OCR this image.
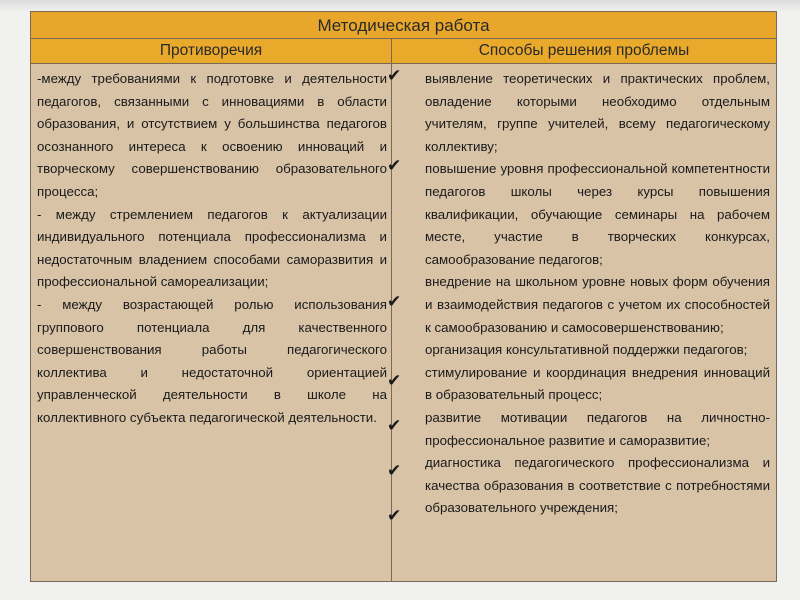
Методическая работа
Противоречия	Способы решения проблемы

-между требованиями к подготовке и деятельности педагогов, связанными с инновациями в области образования, и отсутствием у большинства педагогов осознанного интереса к освоению инноваций и творческому совершенствованию образовательного процесса;

- между стремлением педагогов к актуализации индивидуального потенциала профессионализма и недостаточным владением способами саморазвития и профессиональной самореализации;

- между возрастающей ролью использования группового потенциала для качественного совершенствования работы педагогического коллектива и недостаточной ориентацией управленческой деятельности в школе на коллективного субъекта педагогической деятельности.

✔
✔
✔
✔
✔
✔
✔

выявление теоретических и практических проблем, овладение которыми необходимо отдельным учителям, группе учителей, всему педагогическому коллективу;

повышение уровня профессиональной компетентности педагогов школы через курсы повышения квалификации, обучающие семинары на рабочем месте, участие в творческих конкурсах, самообразование педагогов;

внедрение на школьном уровне новых форм обучения и взаимодействия педагогов с учетом их способностей к самообразованию и самосовершенствованию;

организация консультативной поддержки педагогов;

стимулирование и координация внедрения инноваций в образовательный процесс;

развитие мотивации педагогов на личностно-профессиональное развитие и саморазвитие;

диагностика педагогического профессионализма и качества образования в соответствие с потребностями образовательного учреждения;
